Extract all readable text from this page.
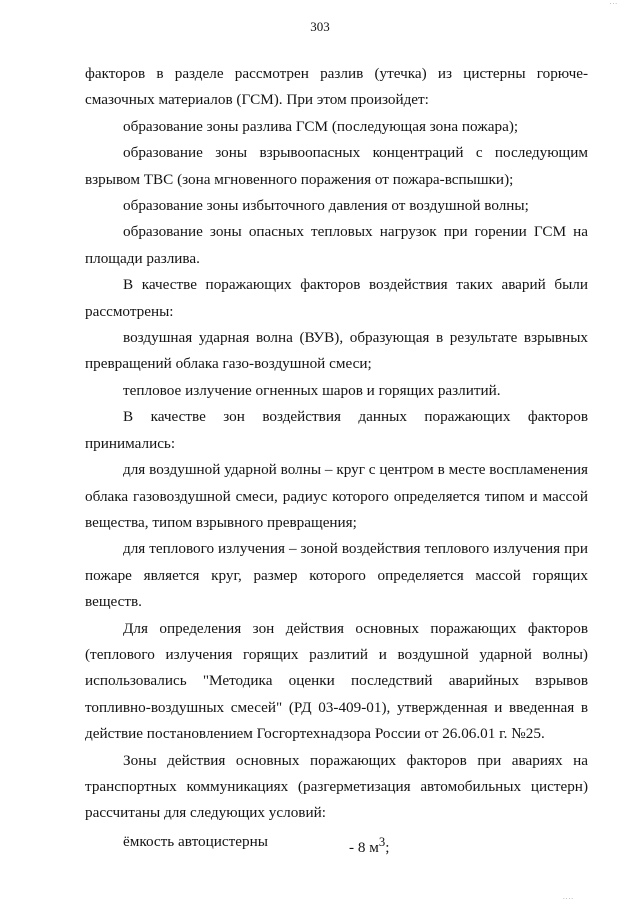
...
303

факторов в разделе рассмотрен разлив (утечка) из цистерны горюче-смазочных материалов (ГСМ). При этом произойдет:

образование зоны разлива ГСМ (последующая зона пожара);

образование зоны взрывоопасных концентраций с последующим взрывом ТВС (зона мгновенного поражения от пожара-вспышки);

образование зоны избыточного давления от воздушной волны;

образование зоны опасных тепловых нагрузок при горении ГСМ на площади разлива.

В качестве поражающих факторов воздействия таких аварий были рассмотрены:

воздушная ударная волна (ВУВ), образующая в результате взрывных превращений облака газо-воздушной смеси;

тепловое излучение огненных шаров и горящих разлитий.

В качестве зон воздействия данных поражающих факторов принимались:

для воздушной ударной волны – круг с центром в месте воспламенения облака газовоздушной смеси, радиус которого определяется типом и массой вещества, типом взрывного превращения;

для теплового излучения – зоной воздействия теплового излучения при пожаре является круг, размер которого определяется массой горящих веществ.

Для определения зон действия основных поражающих факторов (теплового излучения горящих разлитий и воздушной ударной волны) использовались "Методика оценки последствий аварийных взрывов топливно-воздушных смесей" (РД 03-409-01), утвержденная и введенная в действие постановлением Госгортехнадзора России от 26.06.01 г. №25.

Зоны действия основных поражающих факторов при авариях на транспортных коммуникациях (разгерметизация автомобильных цистерн) рассчитаны для следующих условий:

ёмкость автоцистерны	- 8 $м^3$;
....
